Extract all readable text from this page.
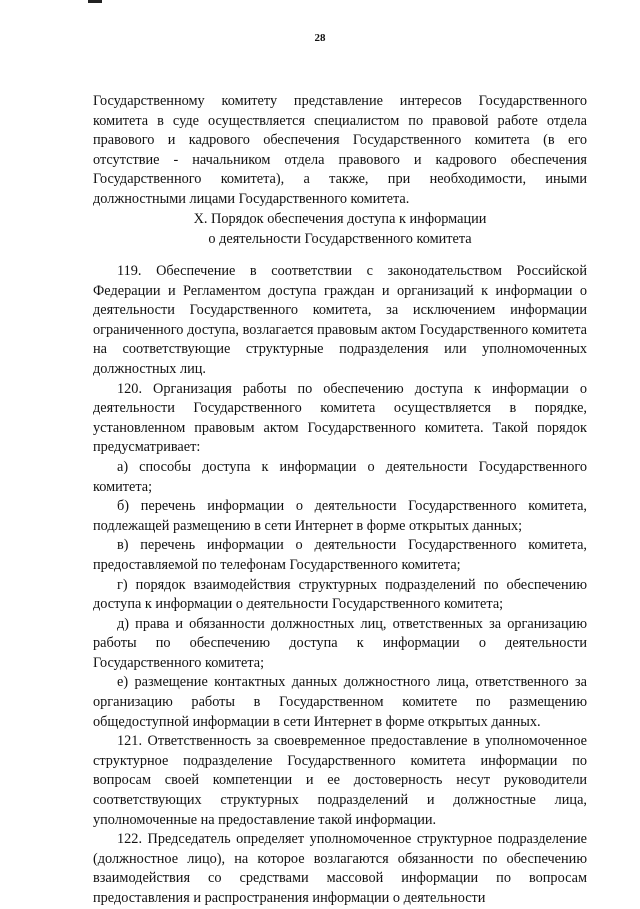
28

Государственному комитету представление интересов Государственного комитета в суде осуществляется специалистом по правовой работе отдела правового и кадрового обеспечения Государственного комитета (в его отсутствие - начальником отдела правового и кадрового обеспечения Государственного комитета), а также, при необходимости, иными должностными лицами Государственного комитета.

X. Порядок обеспечения доступа к информации
о деятельности Государственного комитета

119. Обеспечение в соответствии с законодательством Российской Федерации и Регламентом доступа граждан и организаций к информации о деятельности Государственного комитета, за исключением информации ограниченного доступа, возлагается правовым актом Государственного комитета на соответствующие структурные подразделения или уполномоченных должностных лиц.

120. Организация работы по обеспечению доступа к информации о деятельности Государственного комитета осуществляется в порядке, установленном правовым актом Государственного комитета. Такой порядок предусматривает:

а) способы доступа к информации о деятельности Государственного комитета;

б) перечень информации о деятельности Государственного комитета, подлежащей размещению в сети Интернет в форме открытых данных;

в) перечень информации о деятельности Государственного комитета, предоставляемой по телефонам Государственного комитета;

г) порядок взаимодействия структурных подразделений по обеспечению доступа к информации о деятельности Государственного комитета;

д) права и обязанности должностных лиц, ответственных за организацию работы по обеспечению доступа к информации о деятельности Государственного комитета;

е) размещение контактных данных должностного лица, ответственного за организацию работы в Государственном комитете по размещению общедоступной информации в сети Интернет в форме открытых данных.

121. Ответственность за своевременное предоставление в уполномоченное структурное подразделение Государственного комитета информации по вопросам своей компетенции и ее достоверность несут руководители соответствующих структурных подразделений и должностные лица, уполномоченные на предоставление такой информации.

122. Председатель определяет уполномоченное структурное подразделение (должностное лицо), на которое возлагаются обязанности по обеспечению взаимодействия со средствами массовой информации по вопросам предоставления и распространения информации о деятельности
